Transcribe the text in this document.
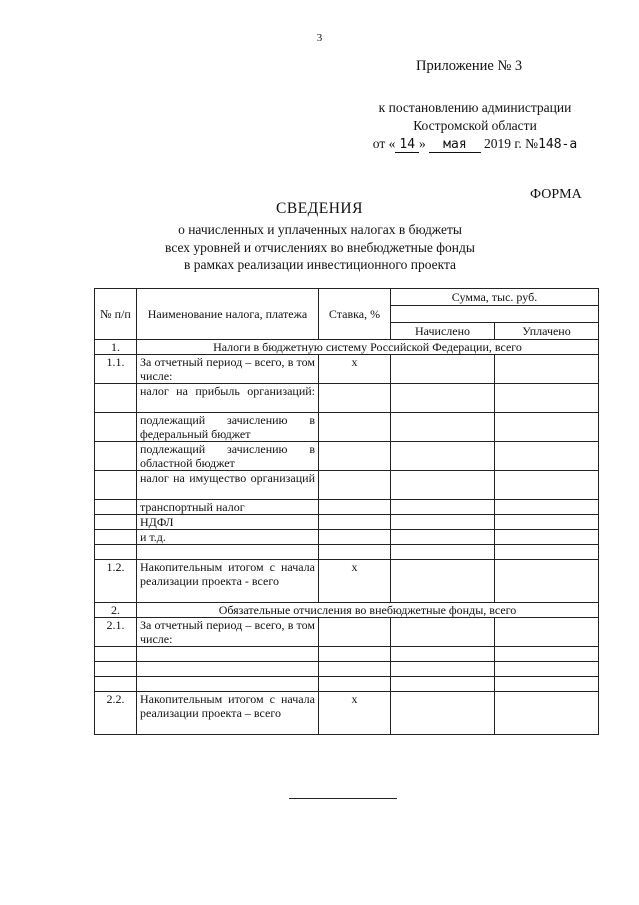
3
Приложение № 3
к постановлению администрации
Костромской области
от « 14 » мая 2019 г. №148-а
ФОРМА
СВЕДЕНИЯ
о начисленных и уплаченных налогах в бюджеты
всех уровней и отчислениях во внебюджетные фонды
в рамках реализации инвестиционного проекта
№ п/п	Наименование налога, платежа	Ставка, %	Сумма, тыс. руб.	

			Начислено	Уплачено
1.	Налоги в бюджетную систему Российской Федерации, всего			
1.1.	За отчетный период – всего, в том числе:	х		
	налог на прибыль организаций:			
	подлежащий зачислению в федеральный бюджет			
	подлежащий зачислению в областной бюджет			
	налог на имущество организаций			
	транспортный налог			
	НДФЛ			
	и т.д.			

1.2.	Накопительным итогом с начала реализации проекта - всего	х		
2.	Обязательные отчисления во внебюджетные фонды, всего			
2.1.	За отчетный период – всего, в том числе:			

2.2.	Накопительным итогом с начала реализации проекта – всего	х		
